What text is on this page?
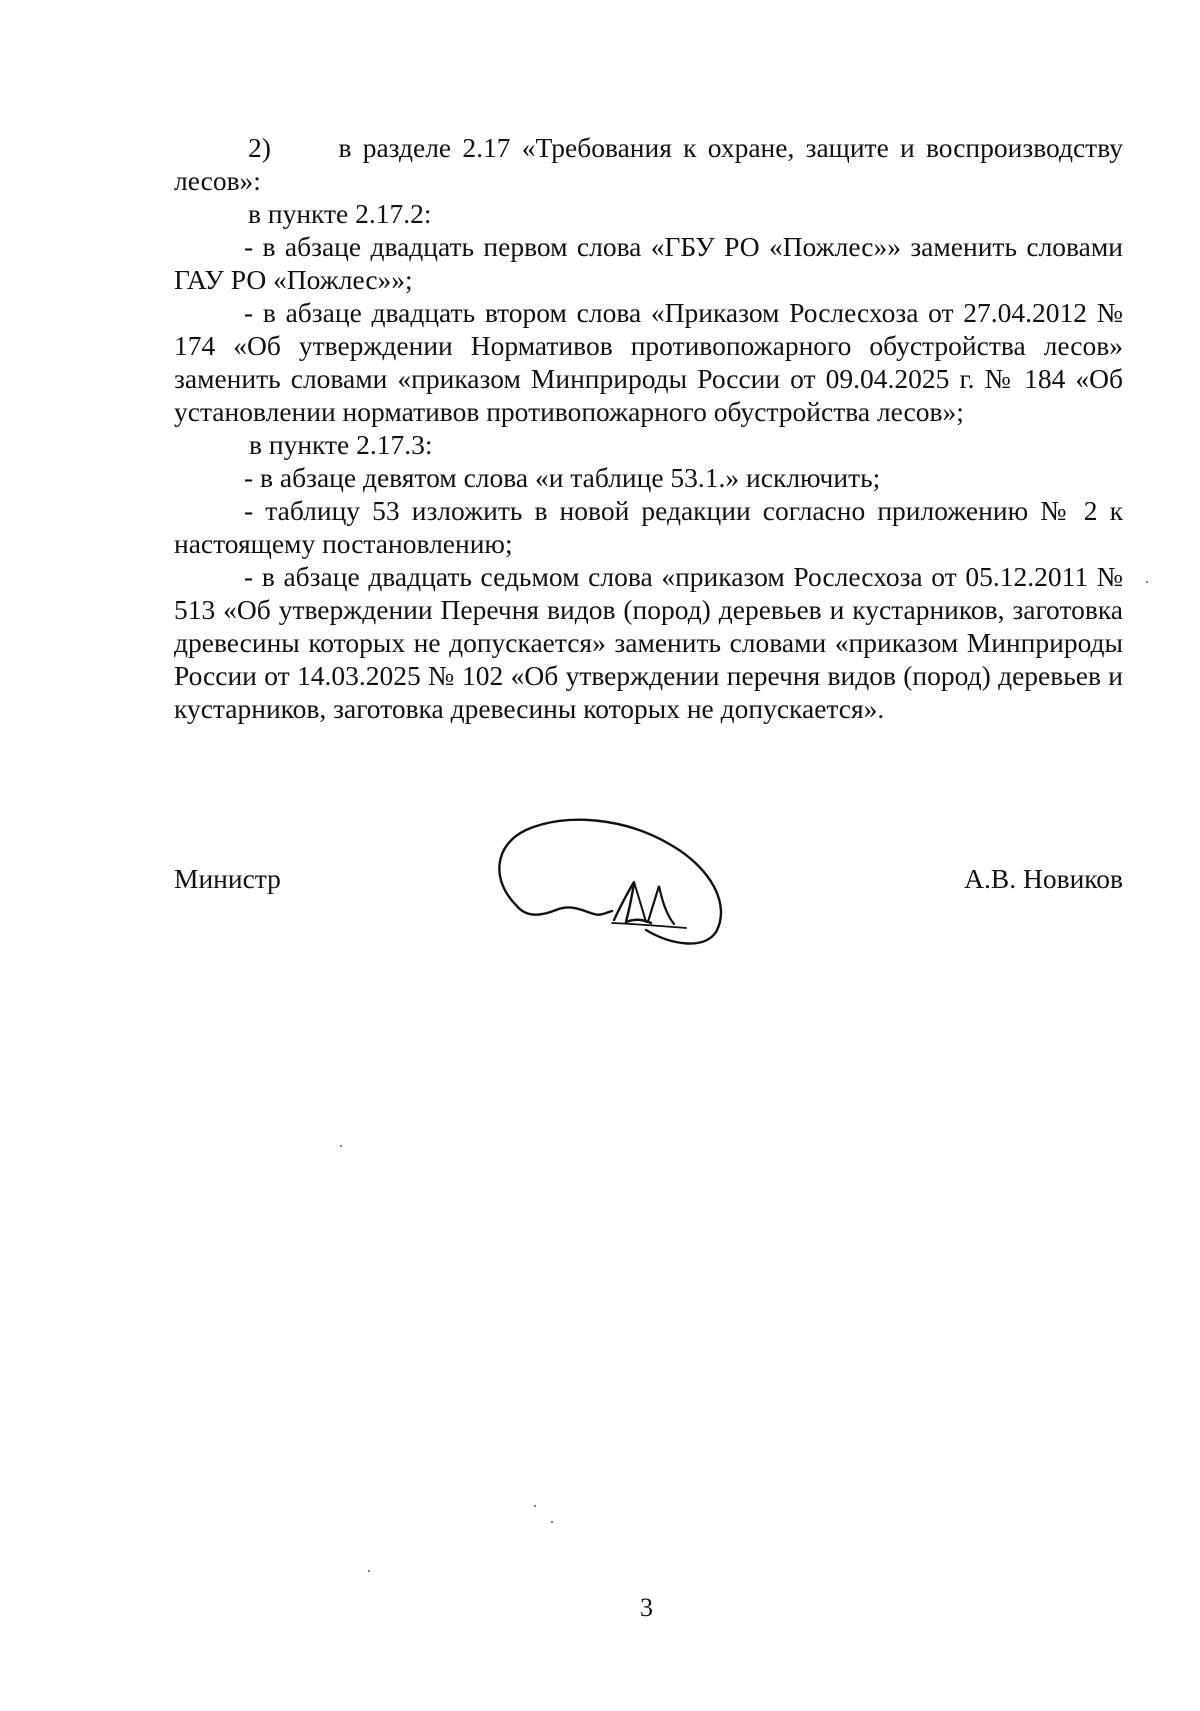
2)      в разделе 2.17 «Требования к охране, защите и воспроизводству лесов»:

в пункте 2.17.2:

- в абзаце двадцать первом слова «ГБУ РО «Пожлес»» заменить словами ГАУ РО «Пожлес»»;

- в абзаце двадцать втором слова «Приказом Рослесхоза от 27.04.2012 № 174 «Об утверждении Нормативов противопожарного обустройства лесов» заменить словами «приказом Минприроды России от 09.04.2025 г. № 184 «Об установлении нормативов противопожарного обустройства лесов»;

в пункте 2.17.3:

- в абзаце девятом слова «и таблице 53.1.» исключить;

- таблицу 53 изложить в новой редакции согласно приложению № 2 к настоящему постановлению;

- в абзаце двадцать седьмом слова «приказом Рослесхоза от 05.12.2011 № 513 «Об утверждении Перечня видов (пород) деревьев и кустарников, заготовка древесины которых не допускается» заменить словами «приказом Минприроды России от 14.03.2025 № 102 «Об утверждении перечня видов (пород) деревьев и кустарников, заготовка древесины которых не допускается».

Министр	А.В. Новиков
3
